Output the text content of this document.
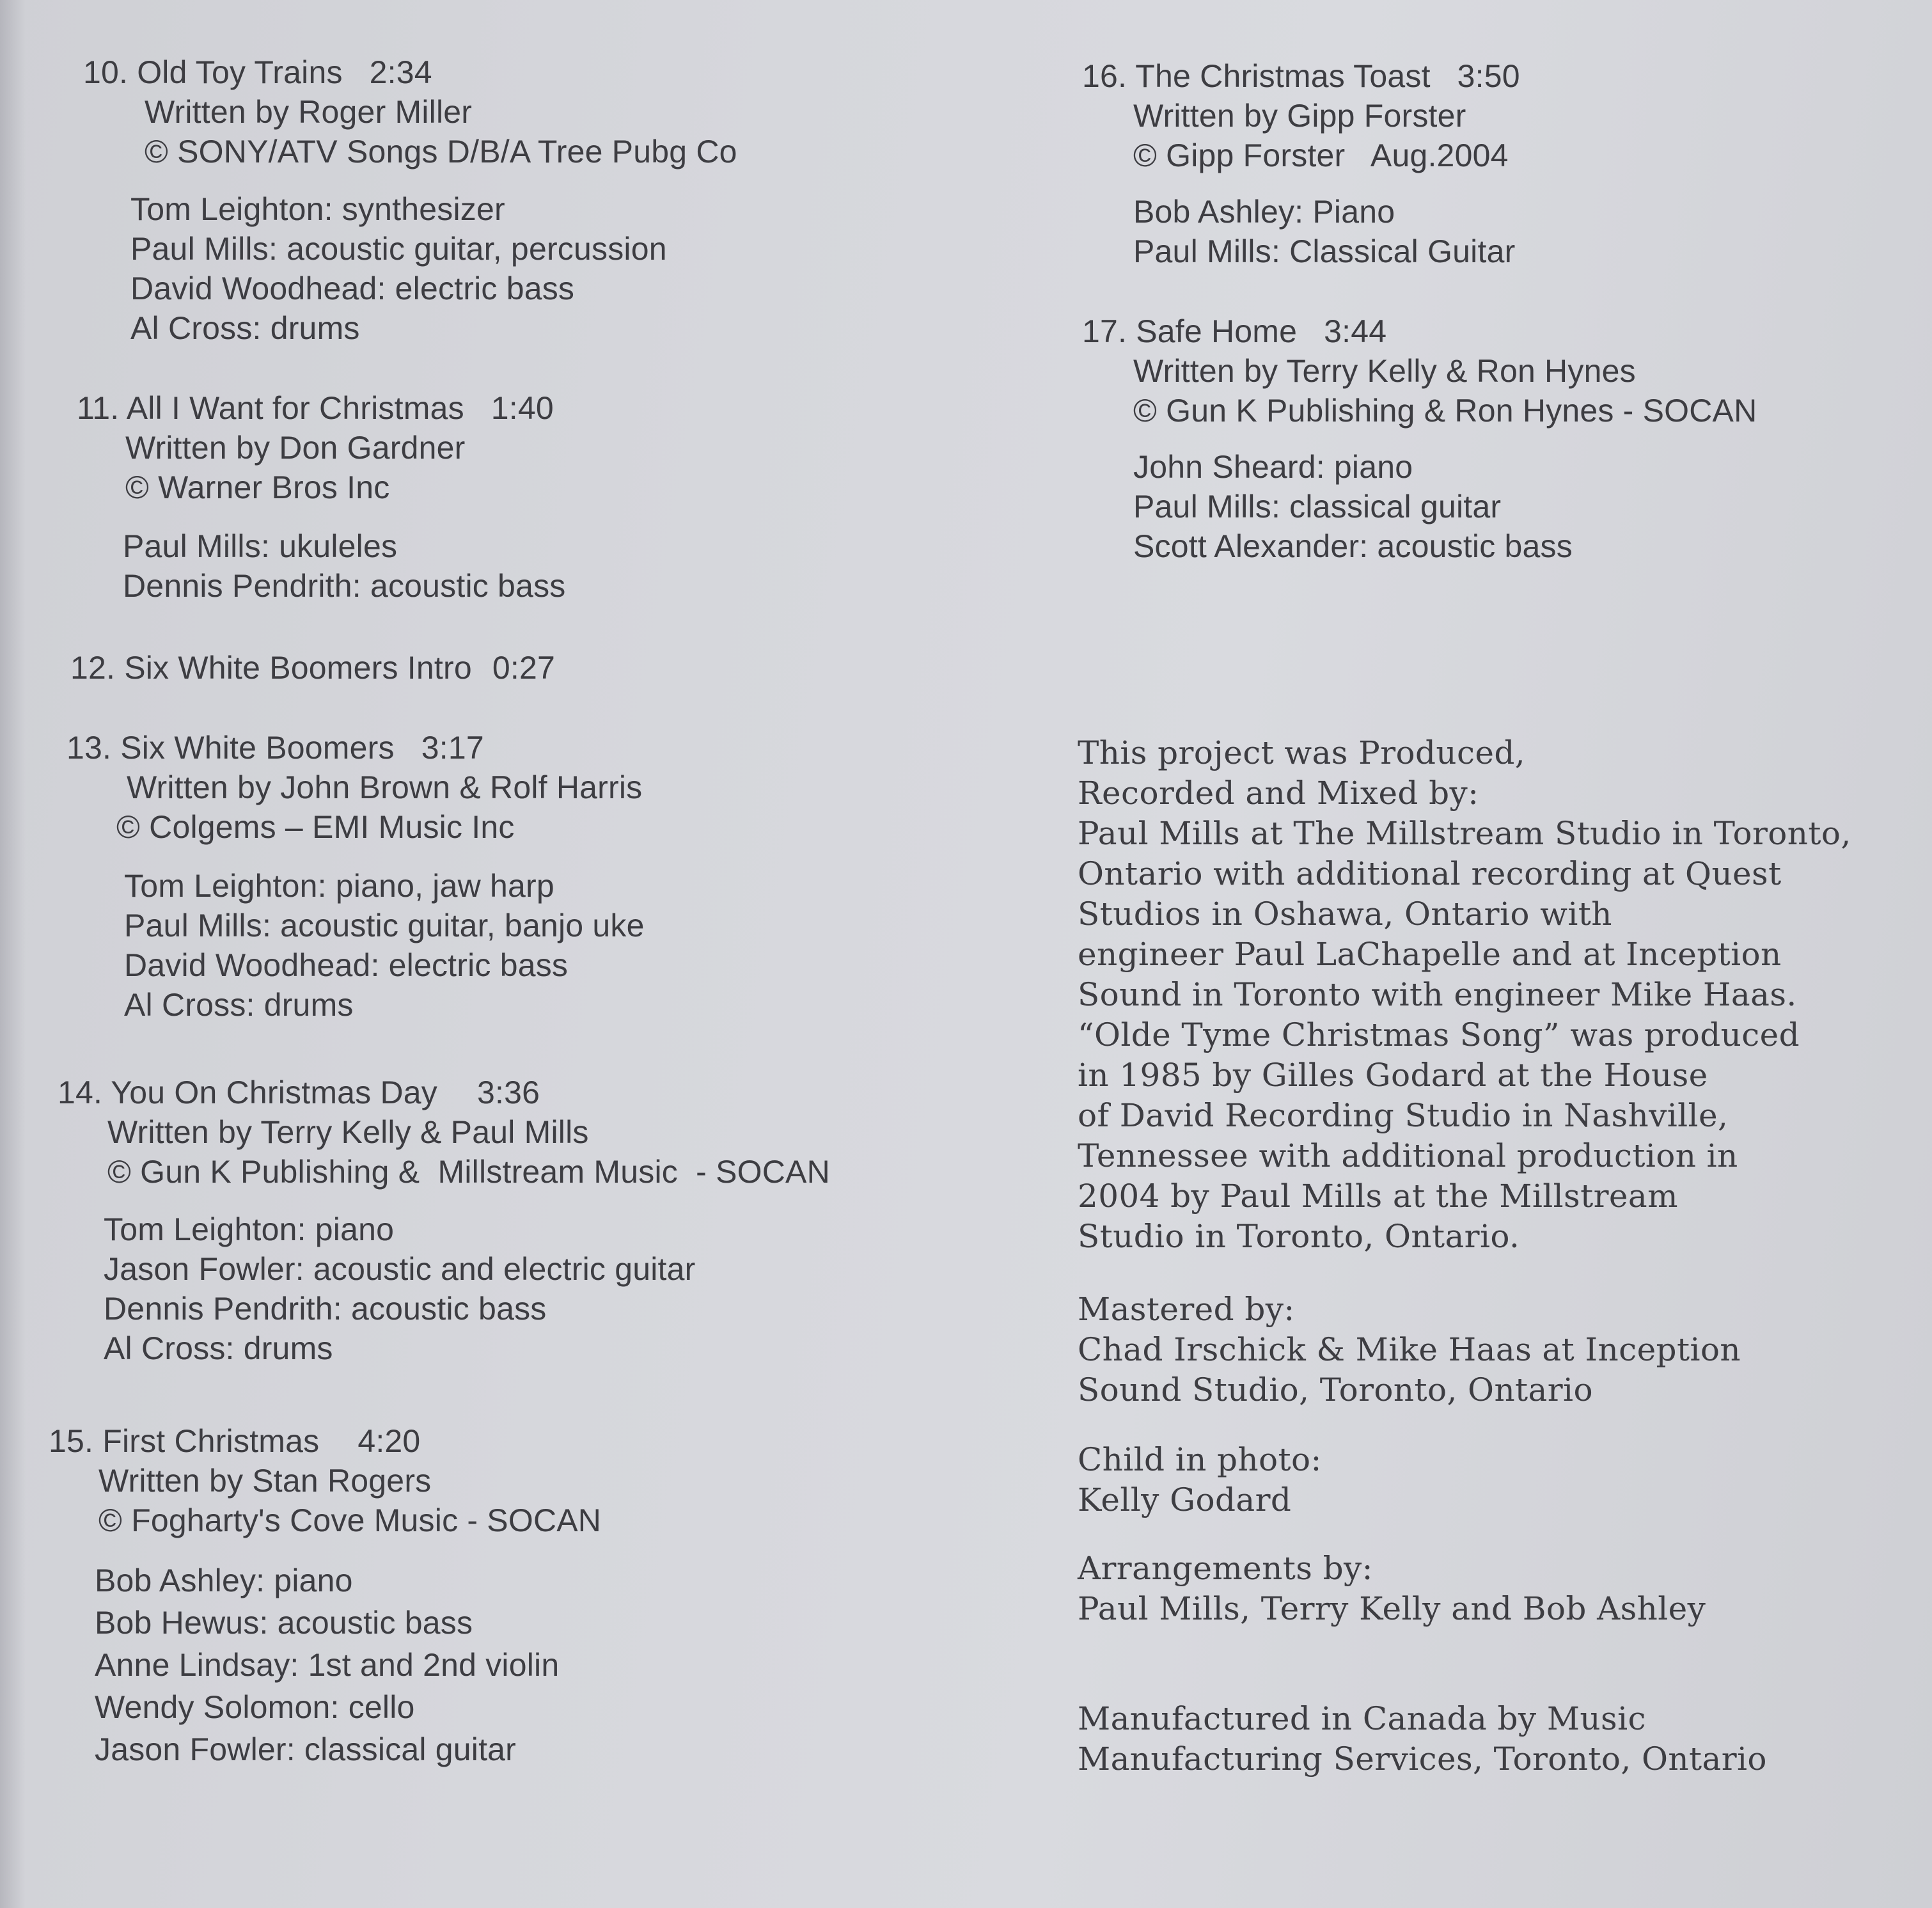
10. Old Toy Trains 2:34
Written by Roger Miller
© SONY/ATV Songs D/B/A Tree Pubg Co
Tom Leighton: synthesizer
Paul Mills: acoustic guitar, percussion
David Woodhead: electric bass
Al Cross: drums
11. All I Want for Christmas 1:40
Written by Don Gardner
© Warner Bros Inc
Paul Mills: ukuleles
Dennis Pendrith: acoustic bass
12. Six White Boomers Intro 0:27
13. Six White Boomers 3:17
Written by John Brown & Rolf Harris
© Colgems – EMI Music Inc
Tom Leighton: piano, jaw harp
Paul Mills: acoustic guitar, banjo uke
David Woodhead: electric bass
Al Cross: drums
14. You On Christmas Day 3:36
Written by Terry Kelly & Paul Mills
© Gun K Publishing &  Millstream Music  - SOCAN
Tom Leighton: piano
Jason Fowler: acoustic and electric guitar
Dennis Pendrith: acoustic bass
Al Cross: drums
15. First Christmas 4:20
Written by Stan Rogers
© Fogharty's Cove Music - SOCAN
Bob Ashley: piano
Bob Hewus: acoustic bass
Anne Lindsay: 1st and 2nd violin
Wendy Solomon: cello
Jason Fowler: classical guitar
16. The Christmas Toast 3:50
Written by Gipp Forster
© Gipp Forster   Aug.2004
Bob Ashley: Piano
Paul Mills: Classical Guitar
17. Safe Home 3:44
Written by Terry Kelly & Ron Hynes
© Gun K Publishing & Ron Hynes - SOCAN
John Sheard: piano
Paul Mills: classical guitar
Scott Alexander: acoustic bass
This project was Produced,
Recorded and Mixed by:
Paul Mills at The Millstream Studio in Toronto,
Ontario with additional recording at Quest
Studios in Oshawa, Ontario with
engineer Paul LaChapelle and at Inception
Sound in Toronto with engineer Mike Haas.
“Olde Tyme Christmas Song” was produced
in 1985 by Gilles Godard at the House
of David Recording Studio in Nashville,
Tennessee with additional production in
2004 by Paul Mills at the Millstream
Studio in Toronto, Ontario.
Mastered by:
Chad Irschick & Mike Haas at Inception
Sound Studio, Toronto, Ontario
Child in photo:
Kelly Godard
Arrangements by:
Paul Mills, Terry Kelly and Bob Ashley
Manufactured in Canada by Music
Manufacturing Services, Toronto, Ontario
